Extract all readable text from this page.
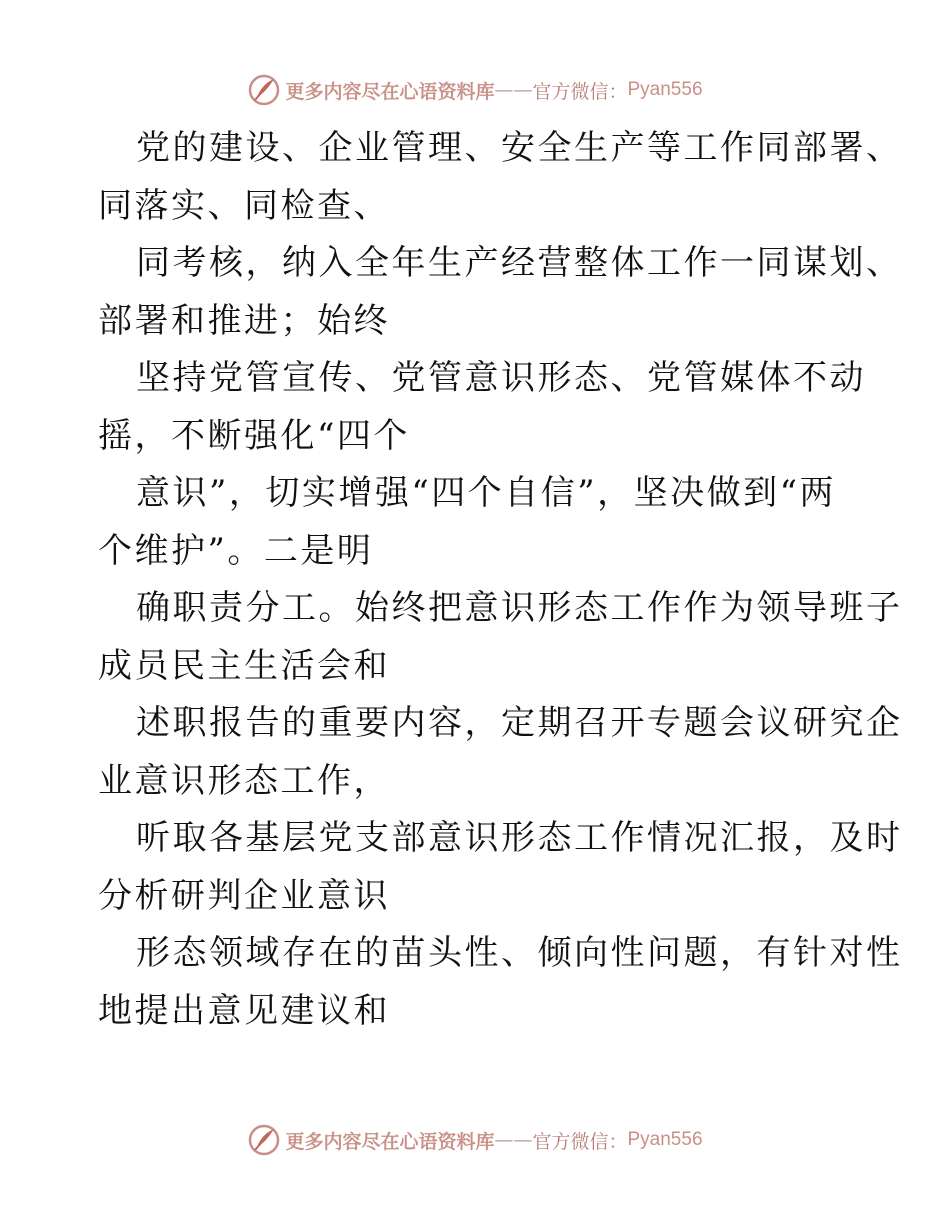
更多内容尽在心语资料库 —— 官方微信： Pyan556
党的建设、企业管理、安全生产等工作同部署、
同落实、同检查、
同考核，纳入全年生产经营整体工作一同谋划、
部署和推进；始终
坚持党管宣传、党管意识形态、党管媒体不动
摇，不断强化“四个
意识”，切实增强“四个自信”，坚决做到“两
个维护”。二是明
确职责分工。始终把意识形态工作作为领导班子
成员民主生活会和
述职报告的重要内容，定期召开专题会议研究企
业意识形态工作，
听取各基层党支部意识形态工作情况汇报，及时
分析研判企业意识
形态领域存在的苗头性、倾向性问题，有针对性
地提出意见建议和
更多内容尽在心语资料库 —— 官方微信： Pyan556
